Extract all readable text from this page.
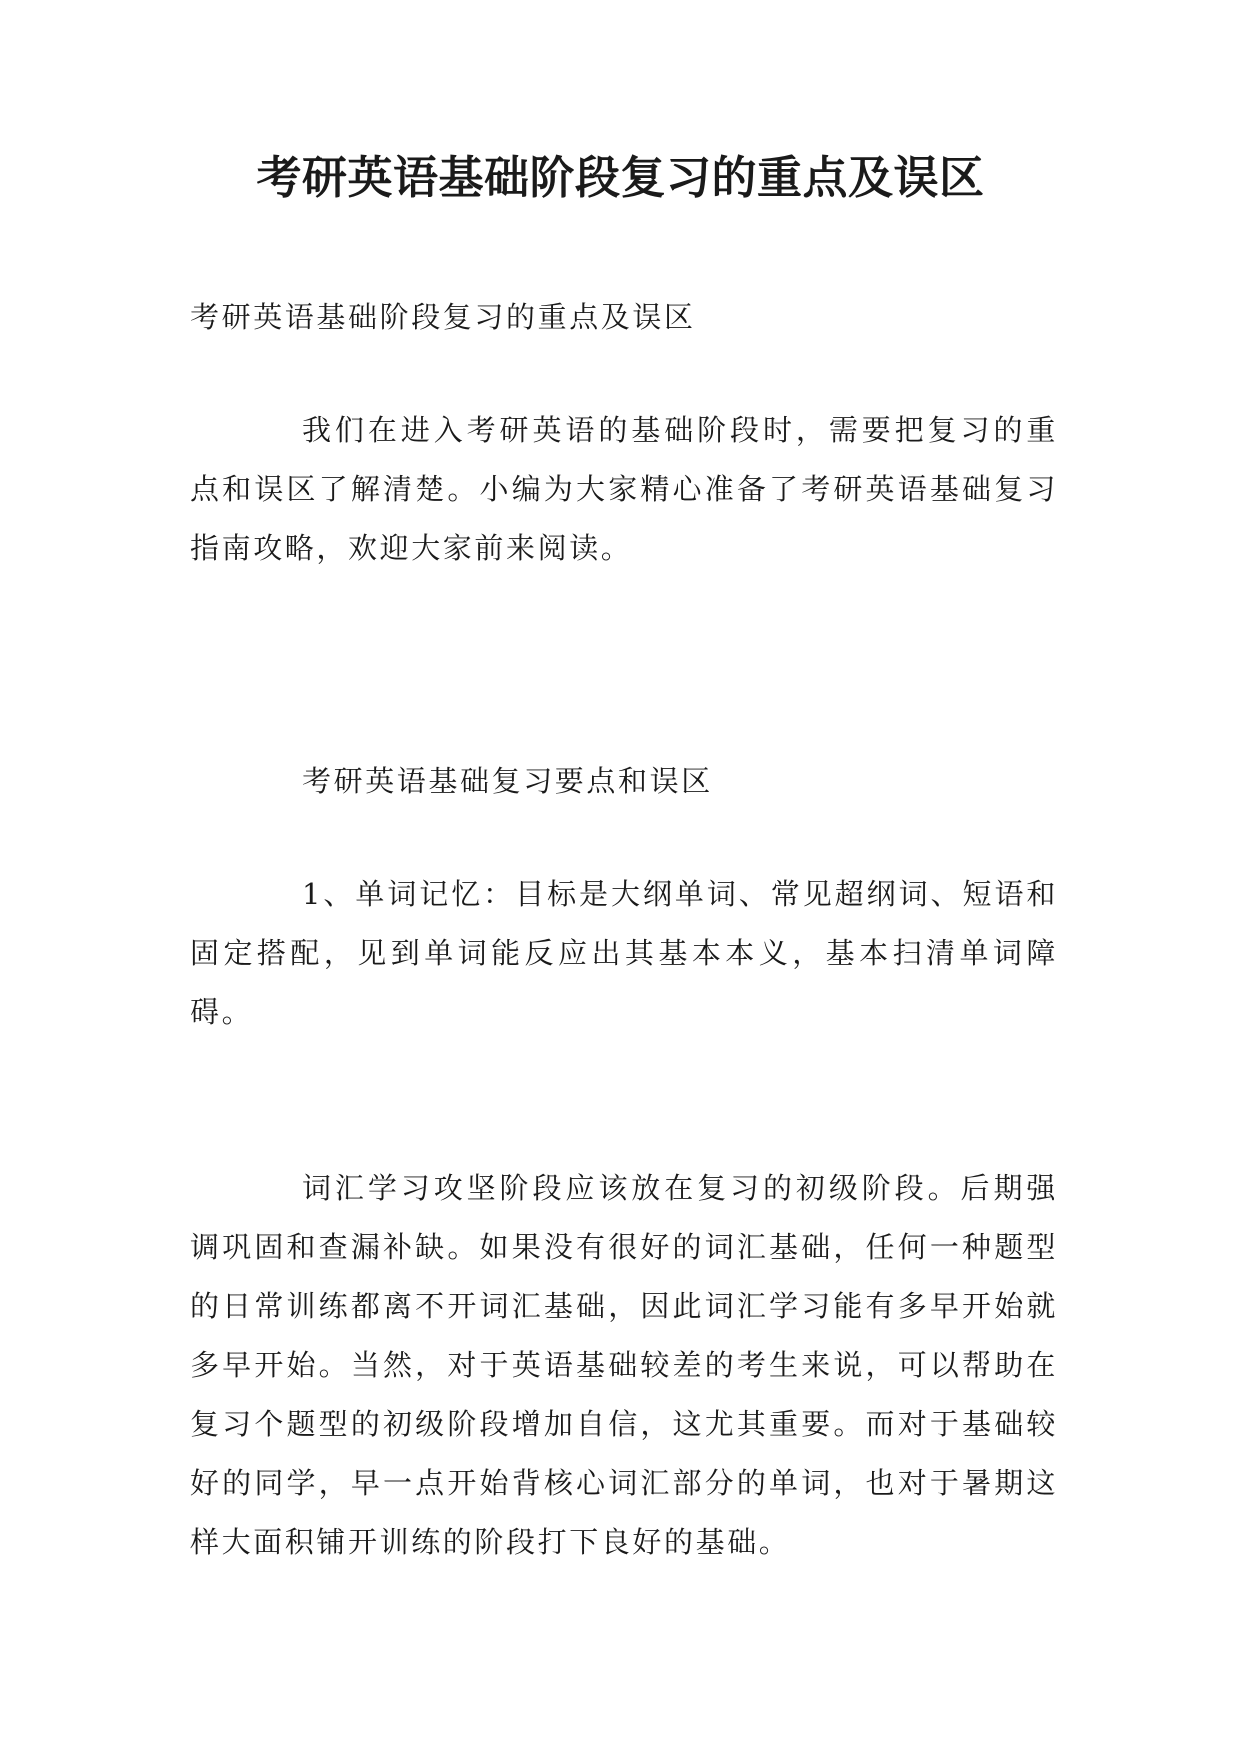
考研英语基础阶段复习的重点及误区

考研英语基础阶段复习的重点及误区

我们在进入考研英语的基础阶段时，需要把复习的重点和误区了解清楚。小编为大家精心准备了考研英语基础复习指南攻略，欢迎大家前来阅读。

考研英语基础复习要点和误区

1、单词记忆：目标是大纲单词、常见超纲词、短语和固定搭配，见到单词能反应出其基本本义，基本扫清单词障碍。

词汇学习攻坚阶段应该放在复习的初级阶段。后期强调巩固和查漏补缺。如果没有很好的词汇基础，任何一种题型的日常训练都离不开词汇基础，因此词汇学习能有多早开始就多早开始。当然，对于英语基础较差的考生来说，可以帮助在复习个题型的初级阶段增加自信，这尤其重要。而对于基础较好的同学，早一点开始背核心词汇部分的单词，也对于暑期这样大面积铺开训练的阶段打下良好的基础。
